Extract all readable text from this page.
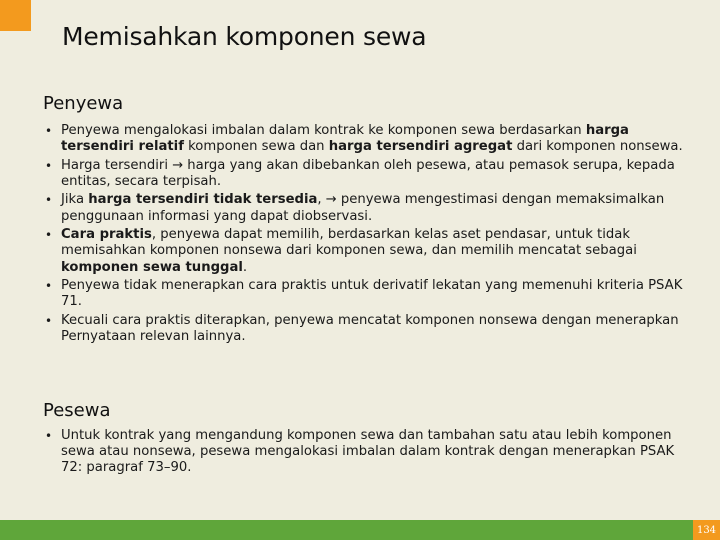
Memisahkan komponen sewa
Penyewa
• Penyewa mengalokasi imbalan dalam kontrak ke komponen sewa berdasarkan harga tersendiri relatif komponen sewa dan harga tersendiri agregat dari komponen nonsewa.
• Harga tersendiri → harga yang akan dibebankan oleh pesewa, atau pemasok serupa, kepada entitas, secara terpisah.
• Jika harga tersendiri tidak tersedia, → penyewa mengestimasi dengan memaksimalkan penggunaan informasi yang dapat diobservasi.
• Cara praktis, penyewa dapat memilih, berdasarkan kelas aset pendasar, untuk tidak memisahkan komponen nonsewa dari komponen sewa, dan memilih mencatat sebagai komponen sewa tunggal.
• Penyewa tidak menerapkan cara praktis untuk derivatif lekatan yang memenuhi kriteria PSAK 71.
• Kecuali cara praktis diterapkan, penyewa mencatat komponen nonsewa dengan menerapkan Pernyataan relevan lainnya.
Pesewa
• Untuk kontrak yang mengandung komponen sewa dan tambahan satu atau lebih komponen sewa atau nonsewa, pesewa mengalokasi imbalan dalam kontrak dengan menerapkan PSAK 72: paragraf 73–90.
134
